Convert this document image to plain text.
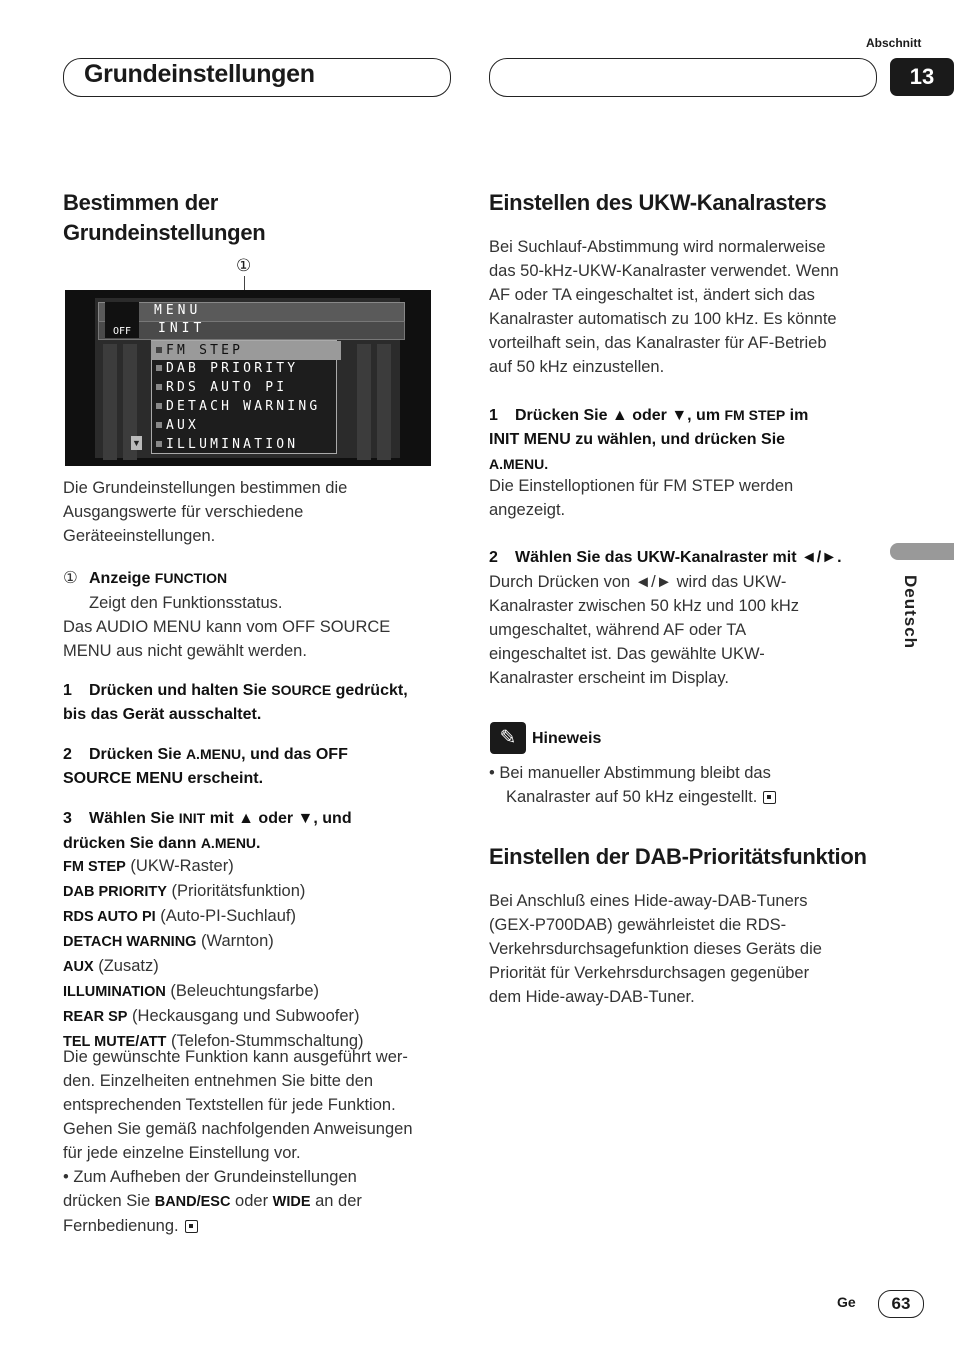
Grundeinstellungen
Abschnitt
13
Deutsch
Bestimmen der
Grundeinstellungen
①
OFF
MENU
INIT
FM STEP
DAB PRIORITY
RDS AUTO PI
DETACH WARNING
AUX
ILLUMINATION
▼
Die Grundeinstellungen bestimmen die
Ausgangswerte für verschiedene
Geräteeinstellungen.
① Anzeige FUNCTION
Zeigt den Funktionsstatus.
Das AUDIO MENU kann vom OFF SOURCE
MENU aus nicht gewählt werden.
1 Drücken und halten Sie SOURCE gedrückt,
bis das Gerät ausschaltet.
2 Drücken Sie A.MENU, und das OFF
SOURCE MENU erscheint.
3 Wählen Sie INIT mit ▲ oder ▼, und
drücken Sie dann A.MENU.
FM STEP (UKW-Raster)
DAB PRIORITY (Prioritätsfunktion)
RDS AUTO PI (Auto-PI-Suchlauf)
DETACH WARNING (Warnton)
AUX (Zusatz)
ILLUMINATION (Beleuchtungsfarbe)
REAR SP (Heckausgang und Subwoofer)
TEL MUTE/ATT (Telefon-Stummschaltung)
Die gewünschte Funktion kann ausgeführt wer-
den. Einzelheiten entnehmen Sie bitte den
entsprechenden Textstellen für jede Funktion.
Gehen Sie gemäß nachfolgenden Anweisungen
für jede einzelne Einstellung vor.
• Zum Aufheben der Grundeinstellungen
drücken Sie BAND/ESC oder WIDE an der
Fernbedienung.
Einstellen des UKW-Kanalrasters
Bei Suchlauf-Abstimmung wird normalerweise
das 50-kHz-UKW-Kanalraster verwendet. Wenn
AF oder TA eingeschaltet ist, ändert sich das
Kanalraster automatisch zu 100 kHz. Es könnte
vorteilhaft sein, das Kanalraster für AF-Betrieb
auf 50 kHz einzustellen.
1 Drücken Sie ▲ oder ▼, um FM STEP im
INIT MENU zu wählen, und drücken Sie
A.MENU.
Die Einstelloptionen für FM STEP werden
angezeigt.
2 Wählen Sie das UKW-Kanalraster mit ◄/►.
Durch Drücken von ◄/► wird das UKW-
Kanalraster zwischen 50 kHz und 100 kHz
umgeschaltet, während AF oder TA
eingeschaltet ist. Das gewählte UKW-
Kanalraster erscheint im Display.
✎ Hineweis
• Bei manueller Abstimmung bleibt das
Kanalraster auf 50 kHz eingestellt.
Einstellen der DAB-Prioritätsfunktion
Bei Anschluß eines Hide-away-DAB-Tuners
(GEX-P700DAB) gewährleistet die RDS-
Verkehrsdurchsagefunktion dieses Geräts die
Priorität für Verkehrsdurchsagen gegenüber
dem Hide-away-DAB-Tuner.
Ge	63
